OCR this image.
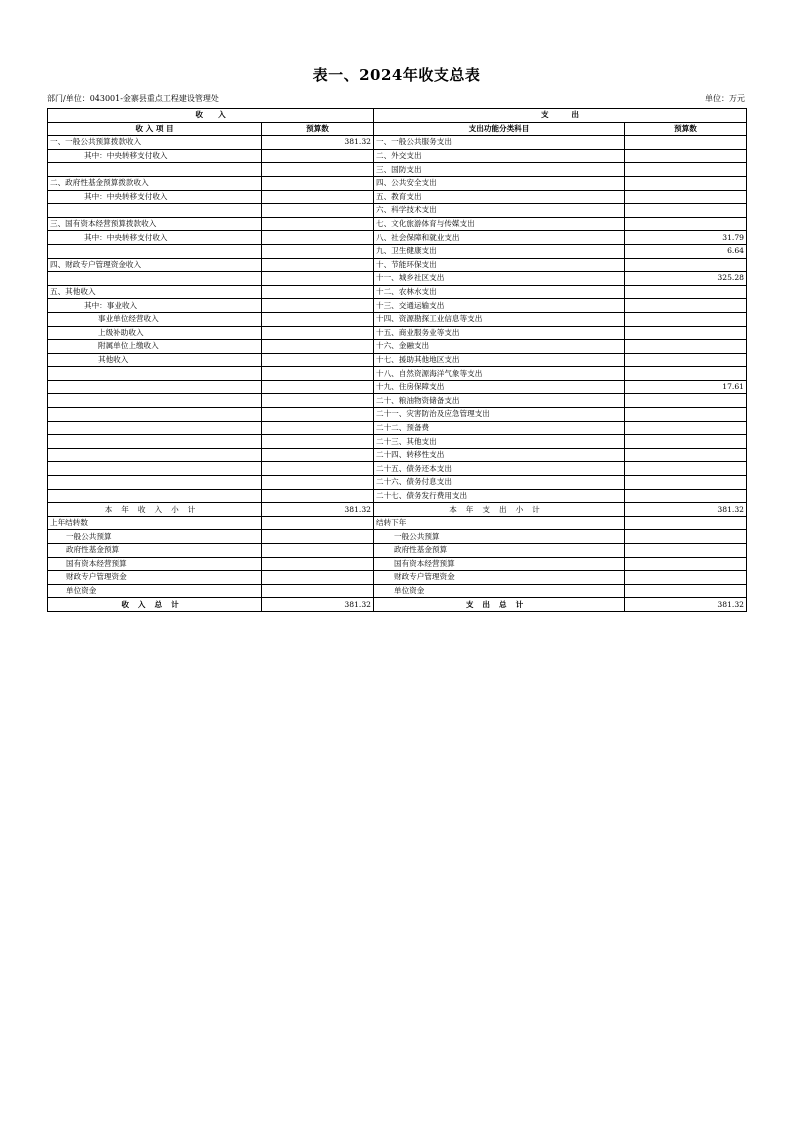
表一、2024年收支总表
部门/单位：043001-金寨县重点工程建设管理处	单位：万元
收　　入		支　　　出	
收 入 项 目	预算数	支出功能分类科目	预算数
一、一般公共预算拨款收入	381.32	一、一般公共服务支出	
其中：中央转移支付收入		二、外交支出	
		三、国防支出	
二、政府性基金预算拨款收入		四、公共安全支出	
其中：中央转移支付收入		五、教育支出	
		六、科学技术支出	
三、国有资本经营预算拨款收入		七、文化旅游体育与传媒支出	
其中：中央转移支付收入		八、社会保障和就业支出	31.79
		九、卫生健康支出	6.64
四、财政专户管理资金收入		十、节能环保支出	
		十一、城乡社区支出	325.28
五、其他收入		十二、农林水支出	
其中：事业收入		十三、交通运输支出	
事业单位经营收入		十四、资源勘探工业信息等支出	
上级补助收入		十五、商业服务业等支出	
附属单位上缴收入		十六、金融支出	
其他收入		十七、援助其他地区支出	
		十八、自然资源海洋气象等支出	
		十九、住房保障支出	17.61
		二十、粮油物资储备支出	
		二十一、灾害防治及应急管理支出	
		二十二、预备费	
		二十三、其他支出	
		二十四、转移性支出	
		二十五、债务还本支出	
		二十六、债务付息支出	
		二十七、债务发行费用支出	
本年收入小计	381.32	本年支出小计	381.32
上年结转数		结转下年	
一般公共预算		一般公共预算	
政府性基金预算		政府性基金预算	
国有资本经营预算		国有资本经营预算	
财政专户管理资金		财政专户管理资金	
单位资金		单位资金	
收入总计	381.32	支出总计	381.32
